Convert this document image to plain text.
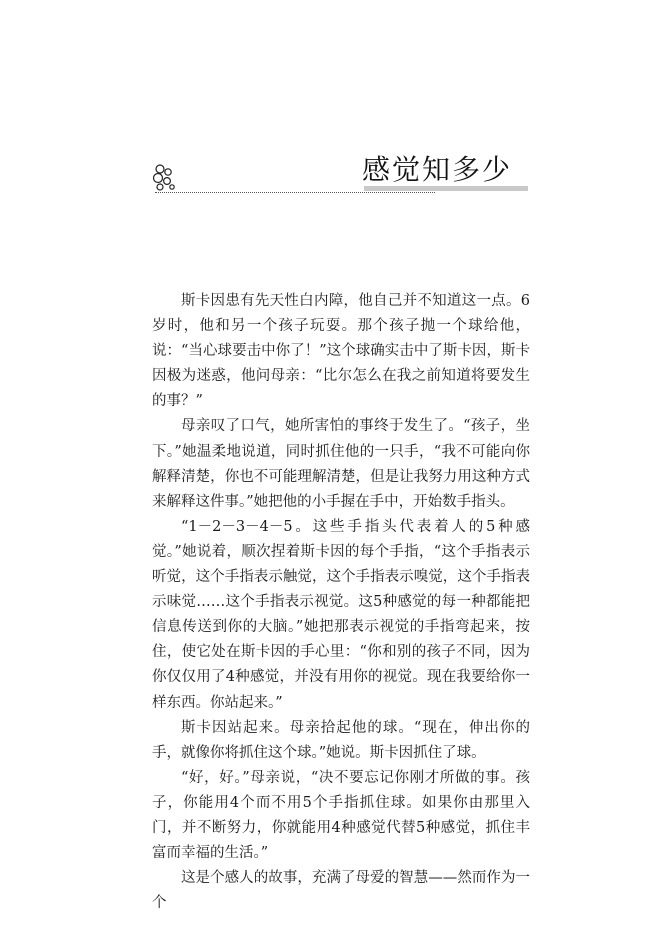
感觉知多少

斯卡因患有先天性白内障，他自己并不知道这一点。6岁时，他和另一个孩子玩耍。那个孩子抛一个球给他，说：“当心球要击中你了！”这个球确实击中了斯卡因，斯卡因极为迷惑，他问母亲：“比尔怎么在我之前知道将要发生的事？”

母亲叹了口气，她所害怕的事终于发生了。“孩子，坐下。”她温柔地说道，同时抓住他的一只手，“我不可能向你解释清楚，你也不可能理解清楚，但是让我努力用这种方式来解释这件事。”她把他的小手握在手中，开始数手指头。

“1－2－3－4－5。这些手指头代表着人的5种感觉。”她说着，顺次捏着斯卡因的每个手指，“这个手指表示听觉，这个手指表示触觉，这个手指表示嗅觉，这个手指表示味觉……这个手指表示视觉。这5种感觉的每一种都能把信息传送到你的大脑。”她把那表示视觉的手指弯起来，按住，使它处在斯卡因的手心里：“你和别的孩子不同，因为你仅仅用了4种感觉，并没有用你的视觉。现在我要给你一样东西。你站起来。”

斯卡因站起来。母亲拾起他的球。“现在，伸出你的手，就像你将抓住这个球。”她说。斯卡因抓住了球。

“好，好。”母亲说，“决不要忘记你刚才所做的事。孩子，你能用4个而不用5个手指抓住球。如果你由那里入门，并不断努力，你就能用4种感觉代替5种感觉，抓住丰富而幸福的生活。”

这是个感人的故事，充满了母爱的智慧——然而作为一个
